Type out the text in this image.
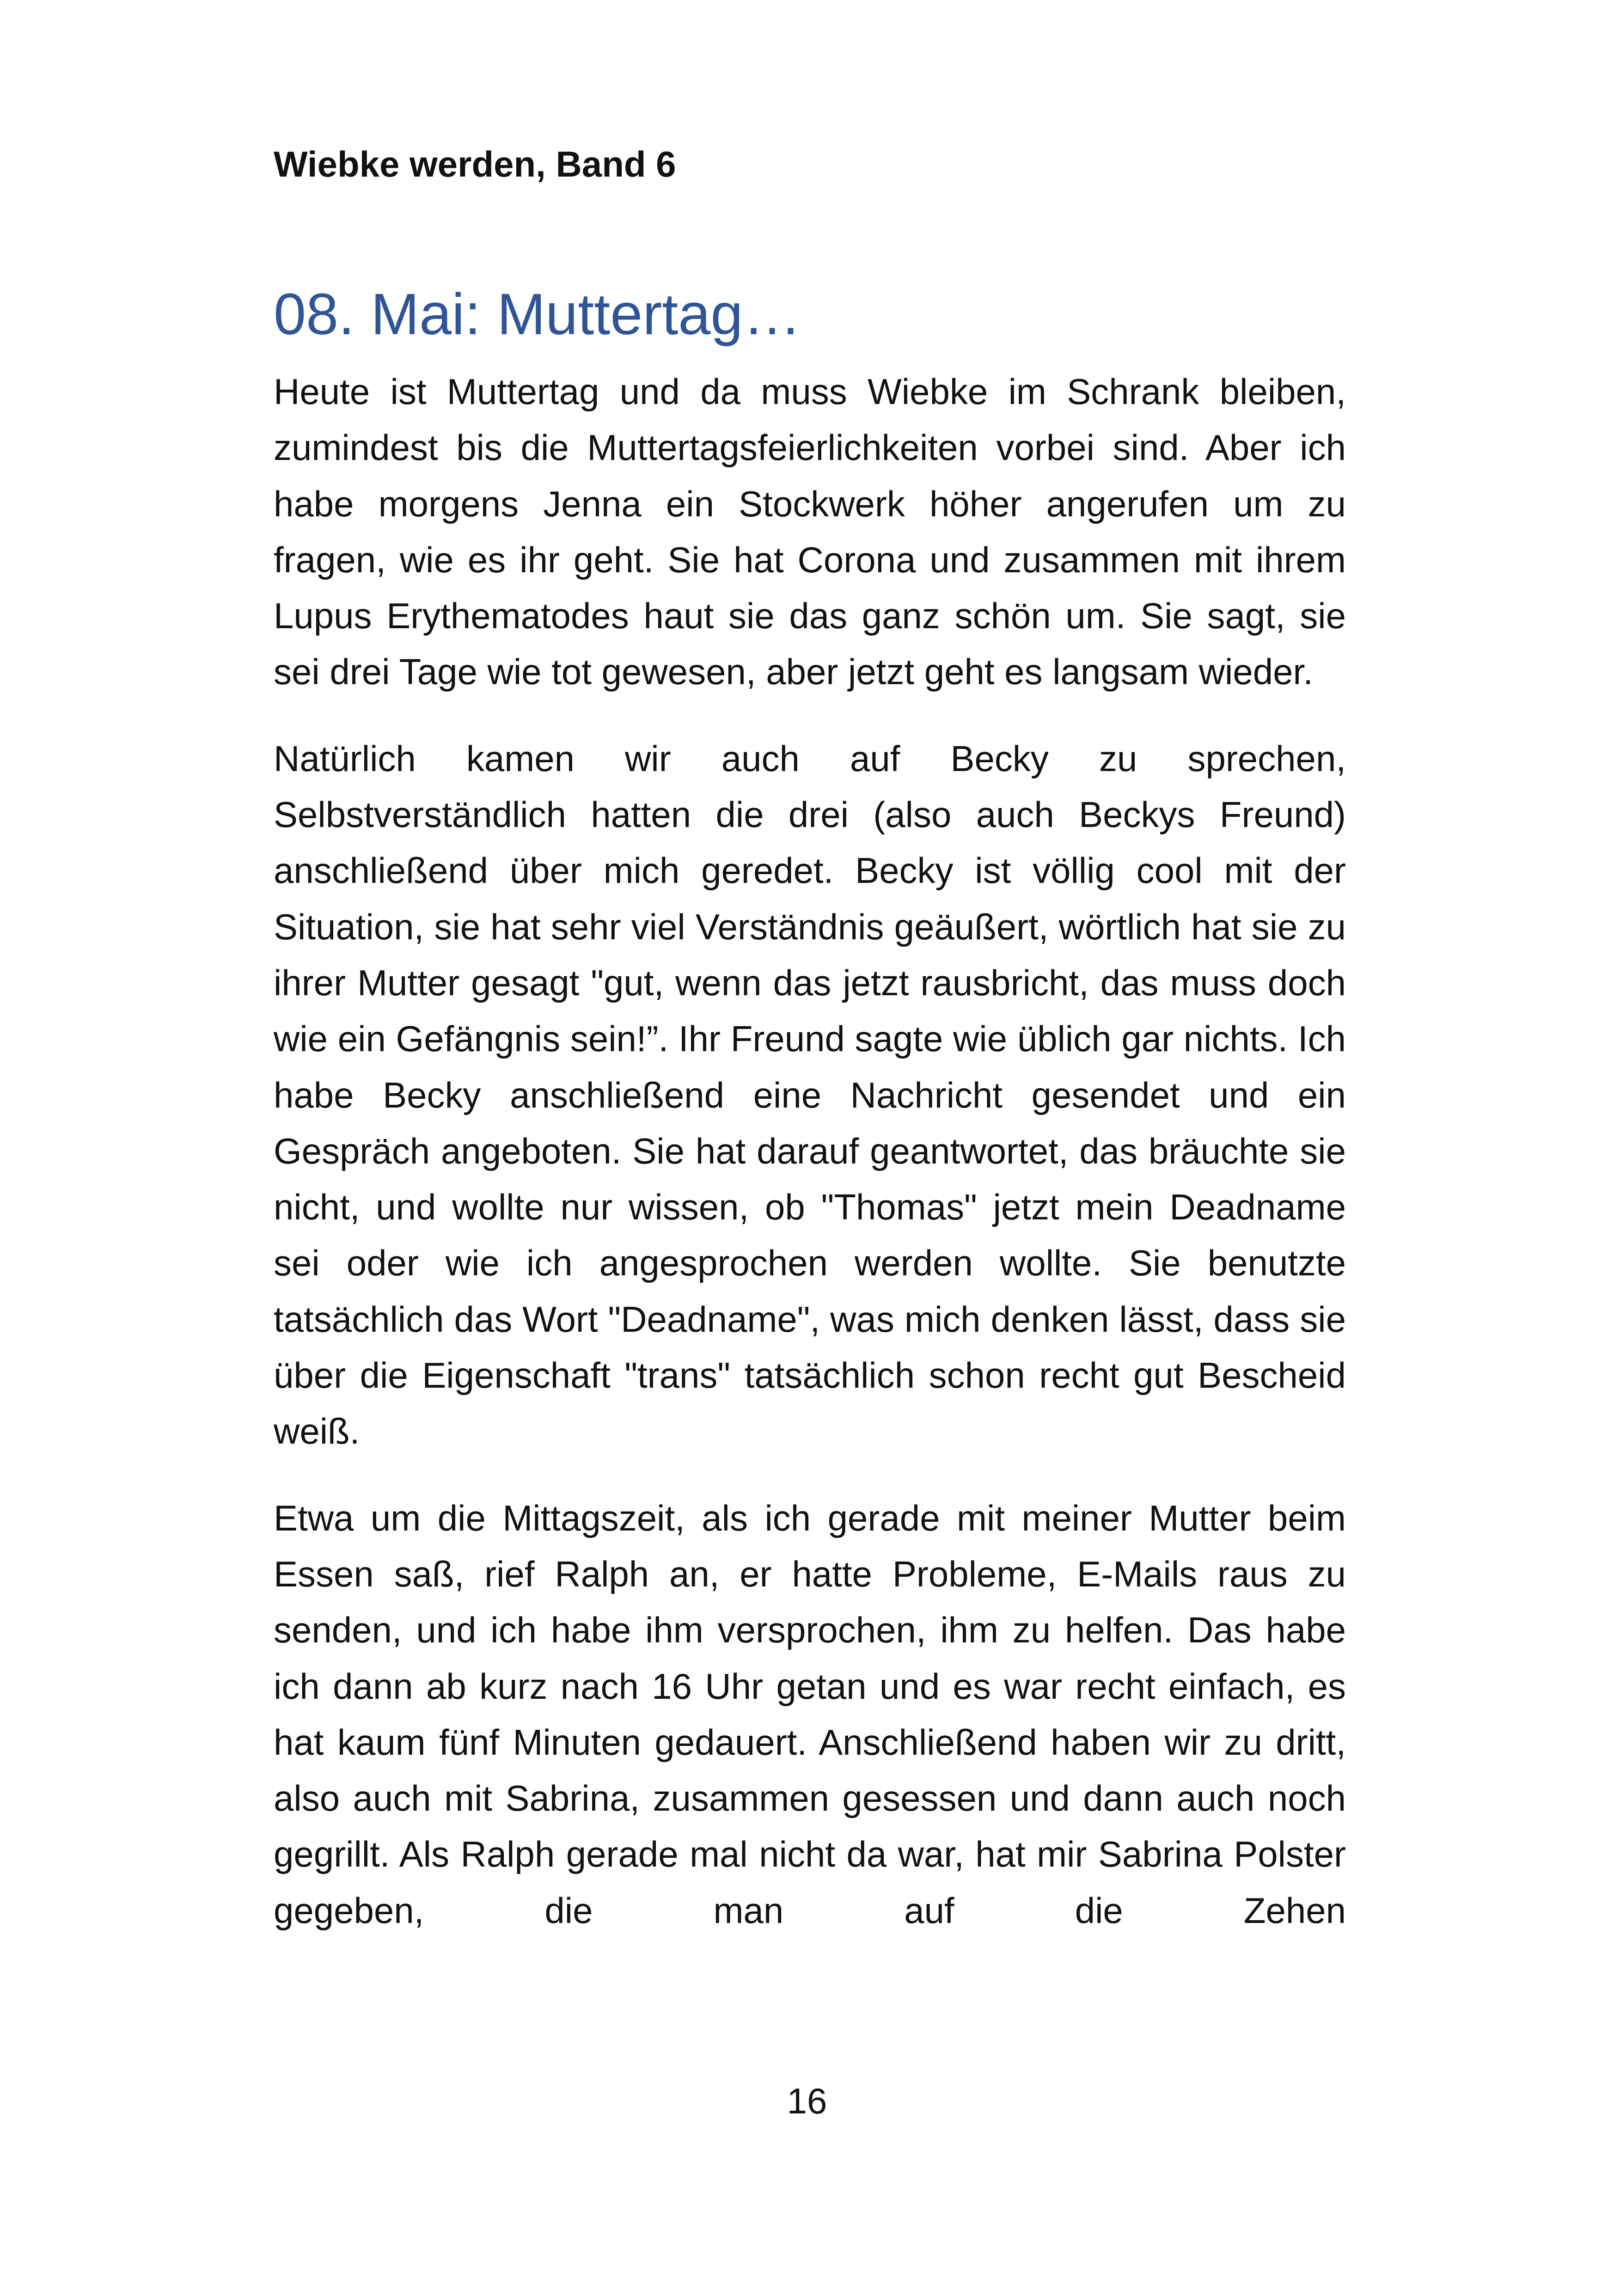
Wiebke werden, Band 6

08. Mai: Muttertag…

Heute ist Muttertag und da muss Wiebke im Schrank bleiben, zumindest bis die Muttertagsfeierlichkeiten vorbei sind. Aber ich habe morgens Jenna ein Stockwerk höher angerufen um zu fragen, wie es ihr geht. Sie hat Corona und zusammen mit ihrem Lupus Erythematodes haut sie das ganz schön um. Sie sagt, sie sei drei Tage wie tot gewesen, aber jetzt geht es langsam wieder.

Natürlich kamen wir auch auf Becky zu sprechen, Selbstverständlich hatten die drei (also auch Beckys Freund) anschließend über mich geredet. Becky ist völlig cool mit der Situation, sie hat sehr viel Verständnis geäußert, wörtlich hat sie zu ihrer Mutter gesagt "gut, wenn das jetzt rausbricht, das muss doch wie ein Gefängnis sein!”. Ihr Freund sagte wie üblich gar nichts. Ich habe Becky anschließend eine Nachricht gesendet und ein Gespräch angeboten. Sie hat darauf geantwortet, das bräuchte sie nicht, und wollte nur wissen, ob "Thomas" jetzt mein Deadname sei oder wie ich angesprochen werden wollte. Sie benutzte tatsächlich das Wort "Deadname", was mich denken lässt, dass sie über die Eigenschaft "trans" tatsächlich schon recht gut Bescheid weiß.

Etwa um die Mittagszeit, als ich gerade mit meiner Mutter beim Essen saß, rief Ralph an, er hatte Probleme, E-Mails raus zu senden, und ich habe ihm versprochen, ihm zu helfen. Das habe ich dann ab kurz nach 16 Uhr getan und es war recht einfach, es hat kaum fünf Minuten gedauert. Anschließend haben wir zu dritt, also auch mit Sabrina, zusammen gesessen und dann auch noch gegrillt. Als Ralph gerade mal nicht da war, hat mir Sabrina Polster gegeben, die man auf die Zehen

16
